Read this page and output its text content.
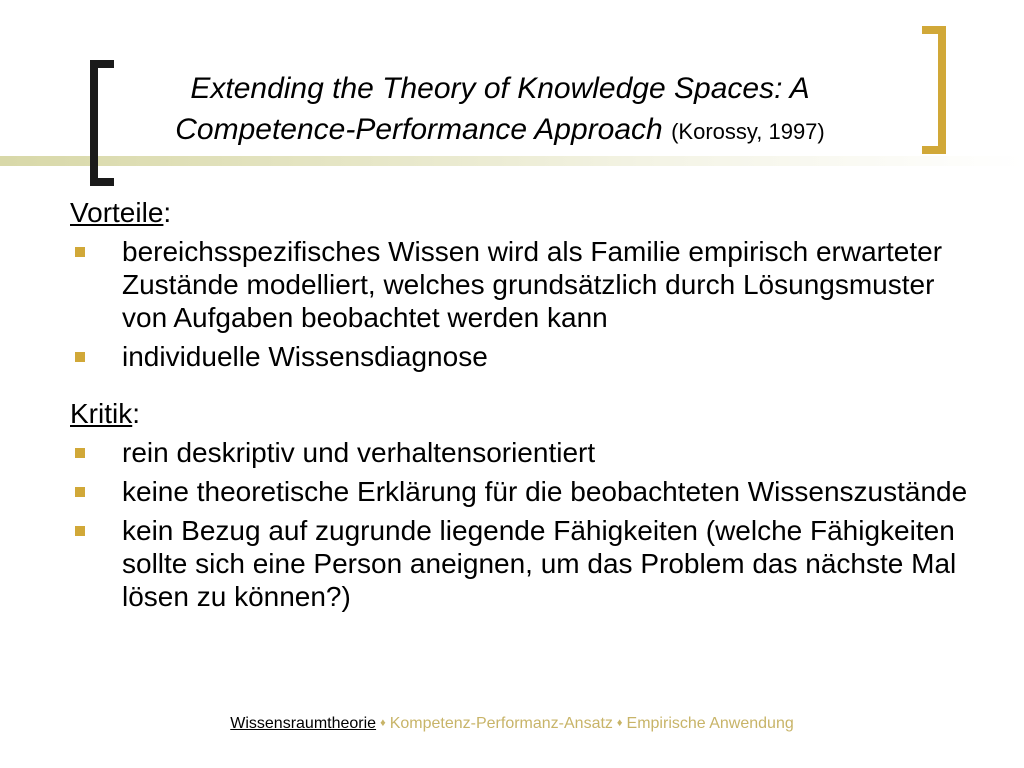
Extending the Theory of Knowledge Spaces: A Competence-Performance Approach (Korossy, 1997)

Vorteile:

bereichsspezifisches Wissen wird als Familie empirisch erwarteter Zustände modelliert, welches grundsätzlich durch Lösungsmuster von Aufgaben beobachtet werden kann
individuelle Wissensdiagnose

Kritik:

rein deskriptiv und verhaltensorientiert
keine theoretische Erklärung für die beobachteten Wissenszustände
kein Bezug auf zugrunde liegende Fähigkeiten (welche Fähigkeiten sollte sich eine Person aneignen, um das Problem das nächste Mal lösen zu können?)
Wissensraumtheorie ♦ Kompetenz-Performanz-Ansatz ♦ Empirische Anwendung
